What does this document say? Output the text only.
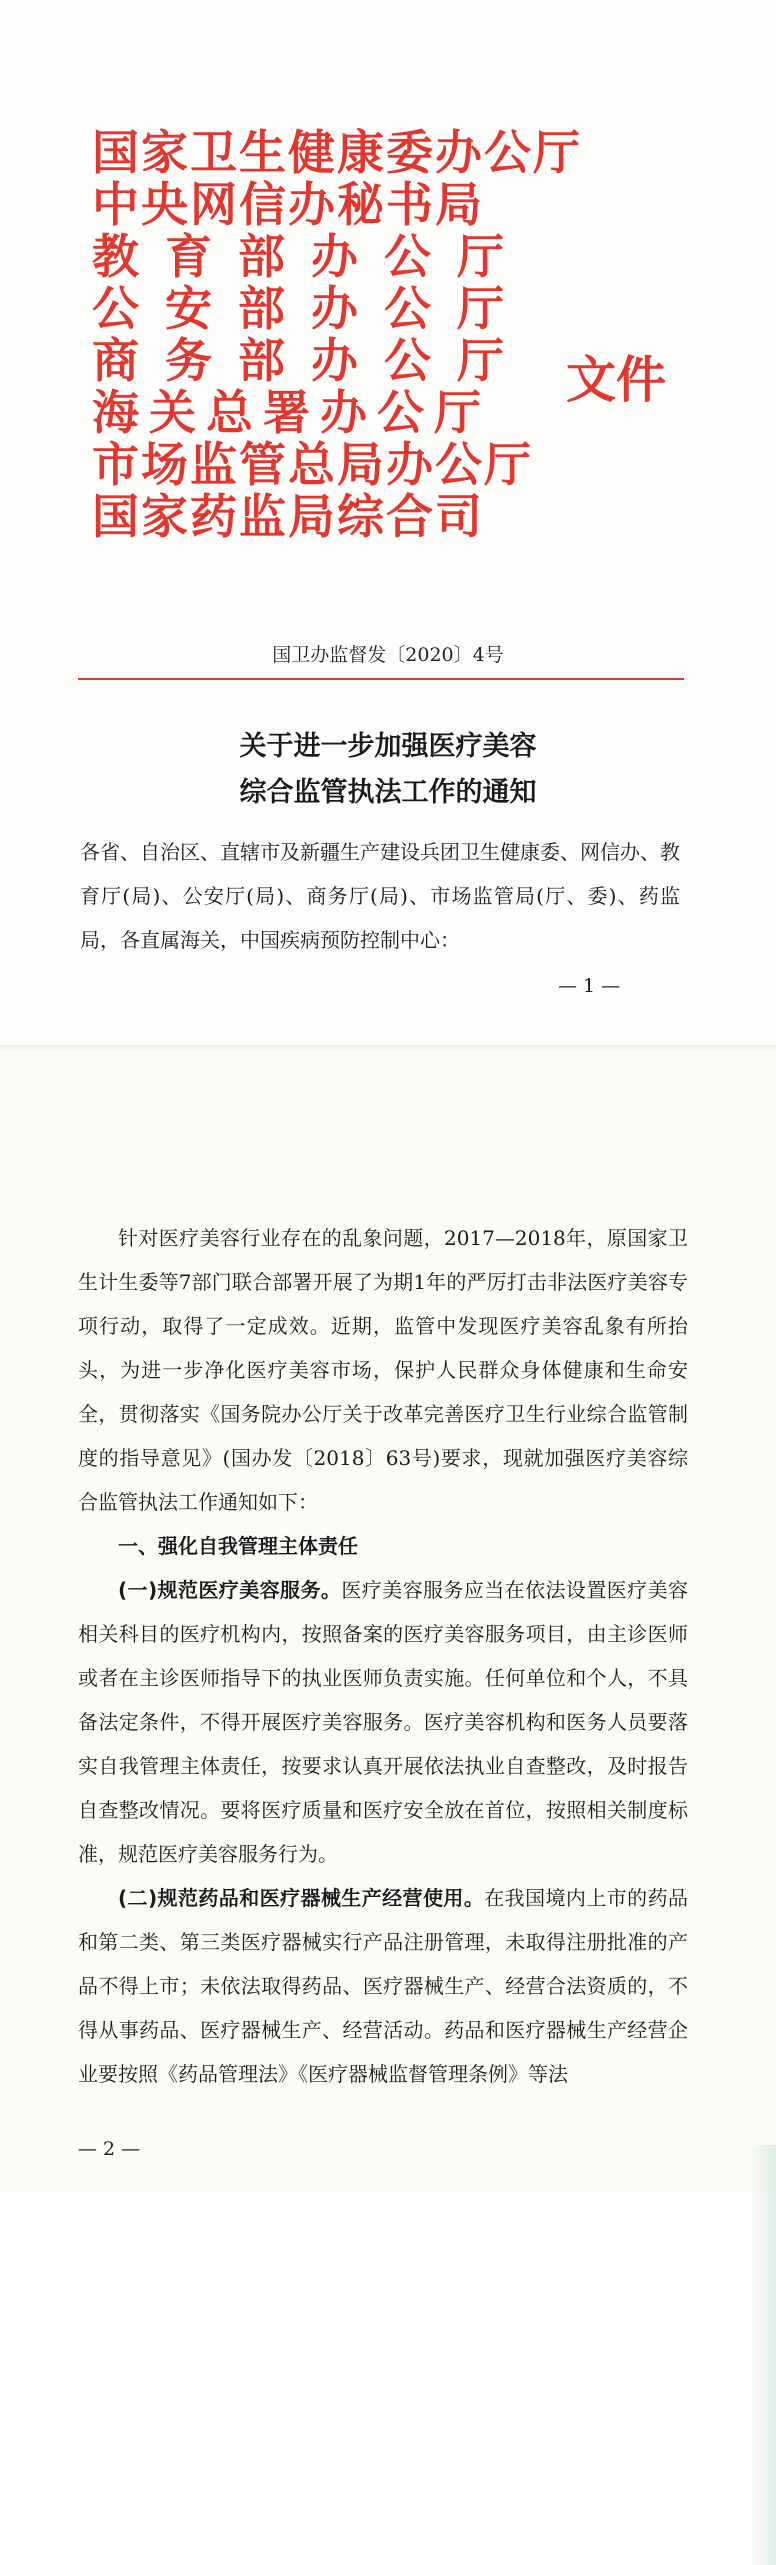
国家卫生健康委办公厅
中央网信办秘书局
教育部办公厅
公安部办公厅
商务部办公厅
海关总署办公厅
市场监管总局办公厅
国家药监局综合司
文件
国卫办监督发〔2020〕4号
关于进一步加强医疗美容
综合监管执法工作的通知
各省、自治区、直辖市及新疆生产建设兵团卫生健康委、网信办、教育厅(局)、公安厅(局)、商务厅(局)、市场监管局(厅、委)、药监局，各直属海关，中国疾病预防控制中心：
— 1 —

针对医疗美容行业存在的乱象问题，2017—2018年，原国家卫生计生委等7部门联合部署开展了为期1年的严厉打击非法医疗美容专项行动，取得了一定成效。近期，监管中发现医疗美容乱象有所抬头，为进一步净化医疗美容市场，保护人民群众身体健康和生命安全，贯彻落实《国务院办公厅关于改革完善医疗卫生行业综合监管制度的指导意见》(国办发〔2018〕63号)要求，现就加强医疗美容综合监管执法工作通知如下：

一、强化自我管理主体责任

(一)规范医疗美容服务。医疗美容服务应当在依法设置医疗美容相关科目的医疗机构内，按照备案的医疗美容服务项目，由主诊医师或者在主诊医师指导下的执业医师负责实施。任何单位和个人，不具备法定条件，不得开展医疗美容服务。医疗美容机构和医务人员要落实自我管理主体责任，按要求认真开展依法执业自查整改，及时报告自查整改情况。要将医疗质量和医疗安全放在首位，按照相关制度标准，规范医疗美容服务行为。

(二)规范药品和医疗器械生产经营使用。在我国境内上市的药品和第二类、第三类医疗器械实行产品注册管理，未取得注册批准的产品不得上市；未依法取得药品、医疗器械生产、经营合法资质的，不得从事药品、医疗器械生产、经营活动。药品和医疗器械生产经营企业要按照《药品管理法》《医疗器械监督管理条例》等法

— 2 —
